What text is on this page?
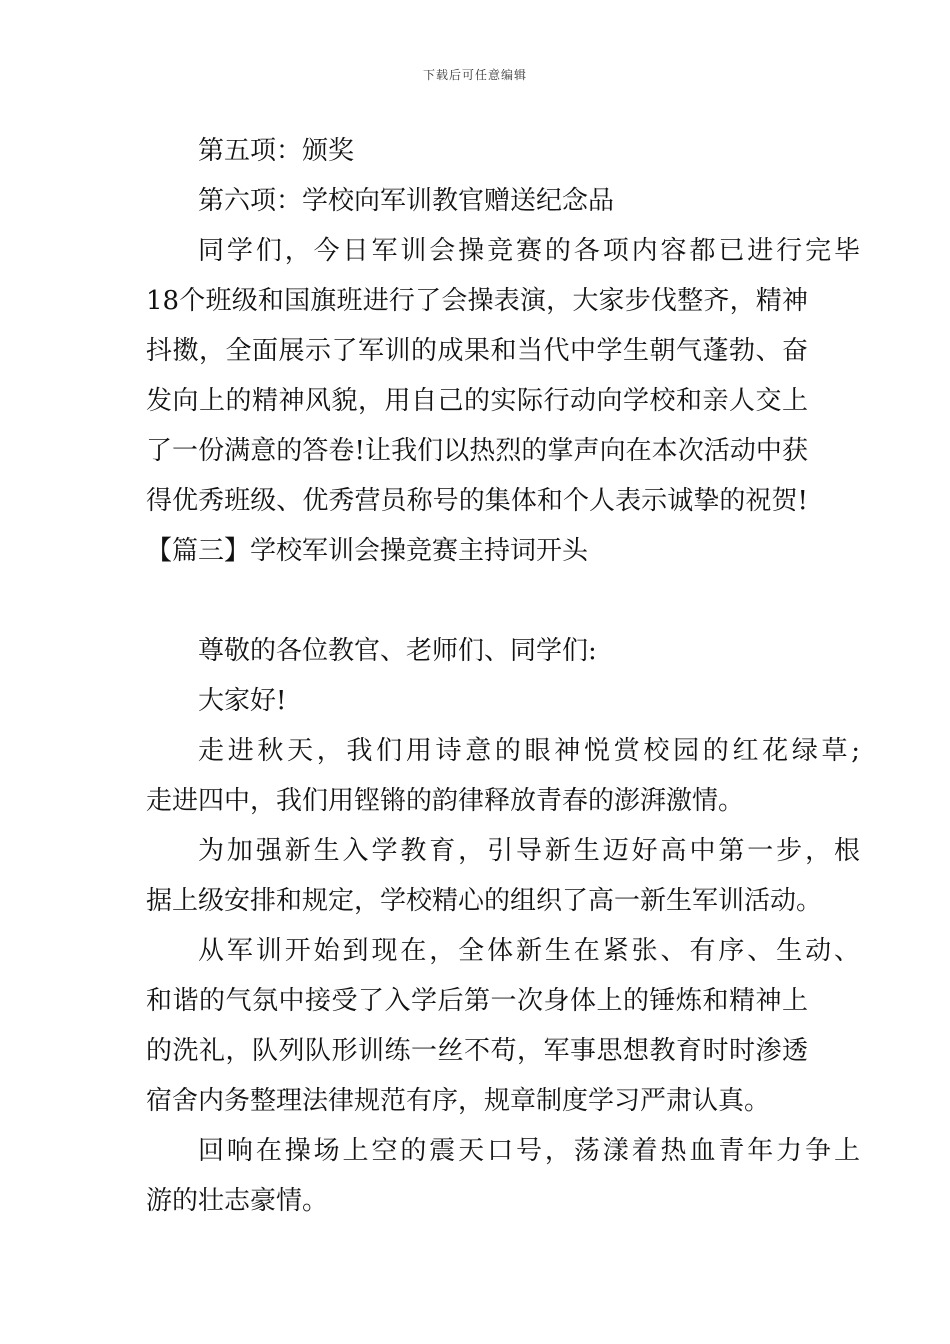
下载后可任意编辑
第五项：颁奖
第六项：学校向军训教官赠送纪念品
同学们，今日军训会操竞赛的各项内容都已进行完毕
18个班级和国旗班进行了会操表演，大家步伐整齐，精神
抖擞，全面展示了军训的成果和当代中学生朝气蓬勃、奋
发向上的精神风貌，用自己的实际行动向学校和亲人交上
了一份满意的答卷!让我们以热烈的掌声向在本次活动中获
得优秀班级、优秀营员称号的集体和个人表示诚挚的祝贺!
【篇三】学校军训会操竞赛主持词开头
尊敬的各位教官、老师们、同学们:
大家好!
走进秋天，我们用诗意的眼神悦赏校园的红花绿草;
走进四中，我们用铿锵的韵律释放青春的澎湃激情。
为加强新生入学教育，引导新生迈好高中第一步，根
据上级安排和规定，学校精心的组织了高一新生军训活动。
从军训开始到现在，全体新生在紧张、有序、生动、
和谐的气氛中接受了入学后第一次身体上的锤炼和精神上
的洗礼，队列队形训练一丝不苟，军事思想教育时时渗透
宿舍内务整理法律规范有序，规章制度学习严肃认真。
回响在操场上空的震天口号，荡漾着热血青年力争上
游的壮志豪情。
